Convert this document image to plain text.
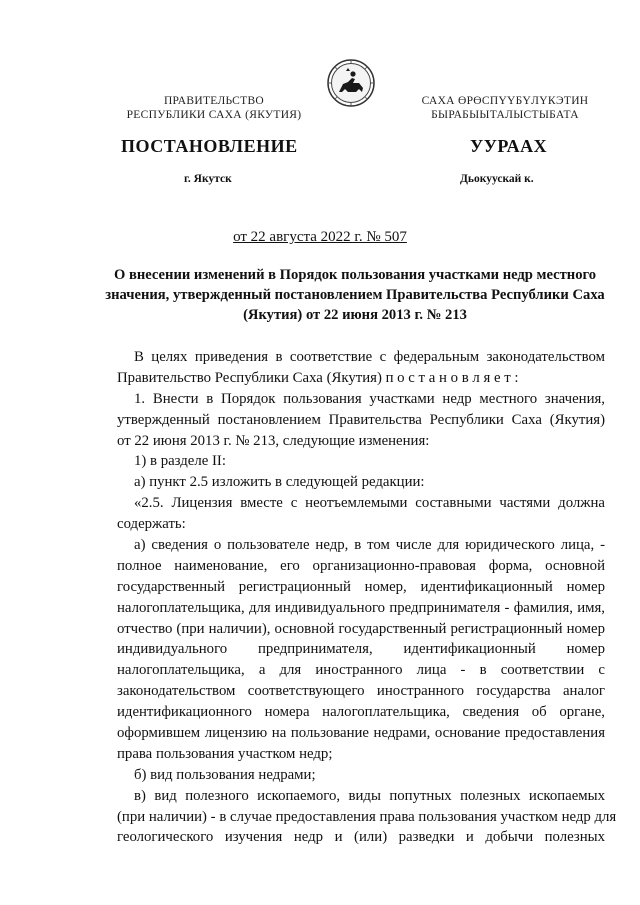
ПРАВИТЕЛЬСТВО
РЕСПУБЛИКИ САХА (ЯКУТИЯ)
САХА ӨРӨСПҮҮБҮЛҮКЭТИН
БЫРАБЫЫТАЛЫСТЫБАТА
ПОСТАНОВЛЕНИЕ	УУРААХ
г. Якутск	Дьокуускай к.
от 22 августа 2022 г. № 507
О внесении изменений в Порядок пользования участками недр местного
значения, утвержденный постановлением Правительства Республики Саха
(Якутия) от 22 июня 2013 г. № 213
В целях приведения в соответствие с федеральным законодательством
Правительство Республики Саха (Якутия) п о с т а н о в л я е т :
1. Внести в Порядок пользования участками недр местного значения,
утвержденный постановлением Правительства Республики Саха (Якутия)
от 22 июня 2013 г. № 213, следующие изменения:
1) в разделе II:
а) пункт 2.5 изложить в следующей редакции:
«2.5. Лицензия вместе с неотъемлемыми составными частями должна
содержать:
а) сведения о пользователе недр, в том числе для юридического лица, -
полное наименование, его организационно-правовая форма, основной
государственный регистрационный номер, идентификационный номер
налогоплательщика, для индивидуального предпринимателя - фамилия, имя,
отчество (при наличии), основной государственный регистрационный номер
индивидуального предпринимателя, идентификационный номер
налогоплательщика, а для иностранного лица - в соответствии с
законодательством соответствующего иностранного государства аналог
идентификационного номера налогоплательщика, сведения об органе,
оформившем лицензию на пользование недрами, основание предоставления
права пользования участком недр;
б) вид пользования недрами;
в) вид полезного ископаемого, виды попутных полезных ископаемых
(при наличии) - в случае предоставления права пользования участком недр для
геологического изучения недр и (или) разведки и добычи полезных
